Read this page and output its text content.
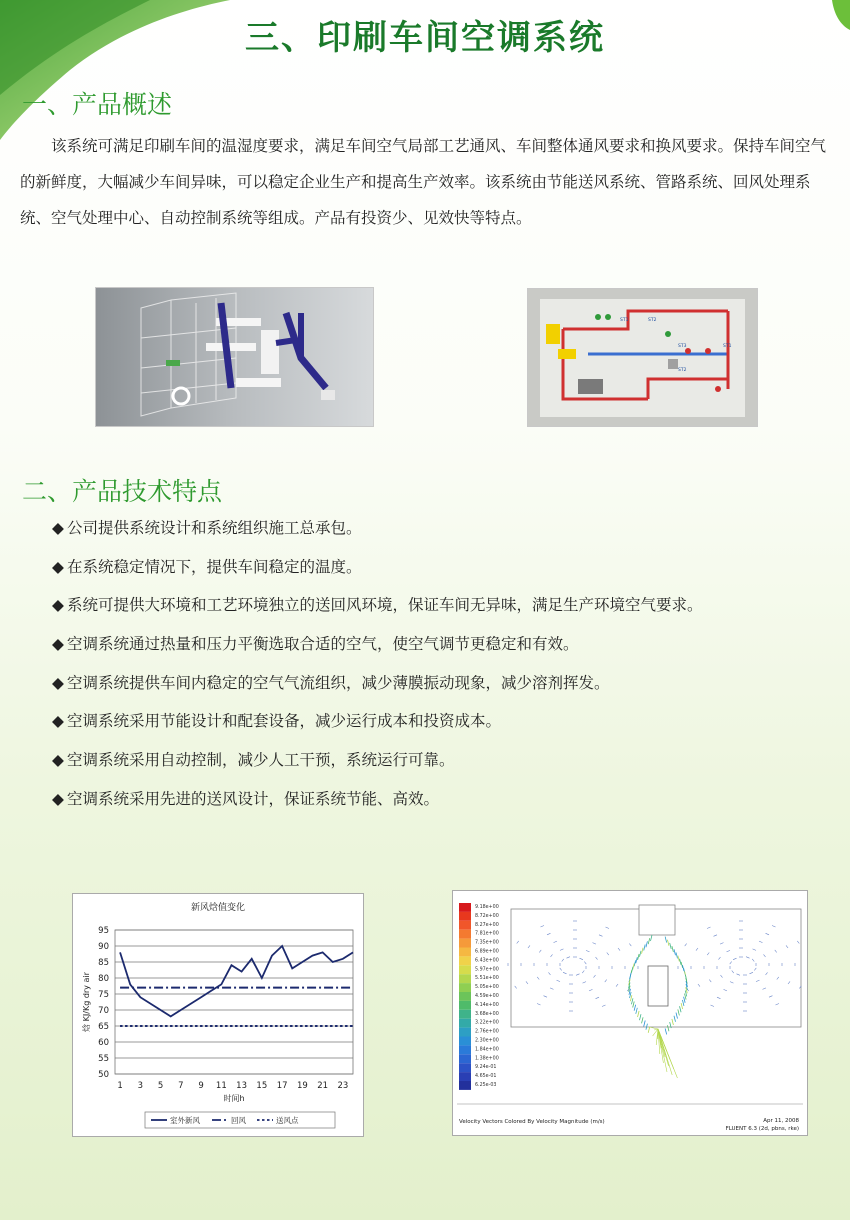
三、印刷车间空调系统
一、产品概述
该系统可满足印刷车间的温湿度要求，满足车间空气局部工艺通风、车间整体通风要求和换风要求。保持车间空气的新鲜度，大幅减少车间异味，可以稳定企业生产和提高生产效率。该系统由节能送风系统、管路系统、回风处理系统、空气处理中心、自动控制系统等组成。产品有投资少、见效快等特点。
ST1	ST2
ST3
ST2
ST1
二、产品技术特点
◆ 公司提供系统设计和系统组织施工总承包。
◆ 在系统稳定情况下，提供车间稳定的温度。
◆ 系统可提供大环境和工艺环境独立的送回风环境，保证车间无异味，满足生产环境空气要求。
◆ 空调系统通过热量和压力平衡选取合适的空气，使空气调节更稳定和有效。
◆ 空调系统提供车间内稳定的空气气流组织，减少薄膜振动现象，减少溶剂挥发。
◆ 空调系统采用节能设计和配套设备，减少运行成本和投资成本。
◆ 空调系统采用自动控制，减少人工干预，系统运行可靠。
◆ 空调系统采用先进的送风设计，保证系统节能、高效。
新风焓值变化
50
55
60
65
70
75
80
85
90
95
1 3 5 7 9 11 13 15 17 19 21 23
时间h
焓 KJ/Kg dry air
室外新风	回风	送风点
9.18e+00
8.72e+00
8.27e+00
7.81e+00
7.35e+00
6.89e+00
6.43e+00
5.97e+00
5.51e+00
5.05e+00
4.59e+00
4.14e+00
3.68e+00
3.22e+00
2.76e+00
2.30e+00
1.84e+00
1.38e+00
9.24e-01
4.65e-01
6.25e-03
Velocity Vectors Colored By Velocity Magnitude (m/s)	Apr 11, 2008
FLUENT 6.3 (2d, pbns, rke)
